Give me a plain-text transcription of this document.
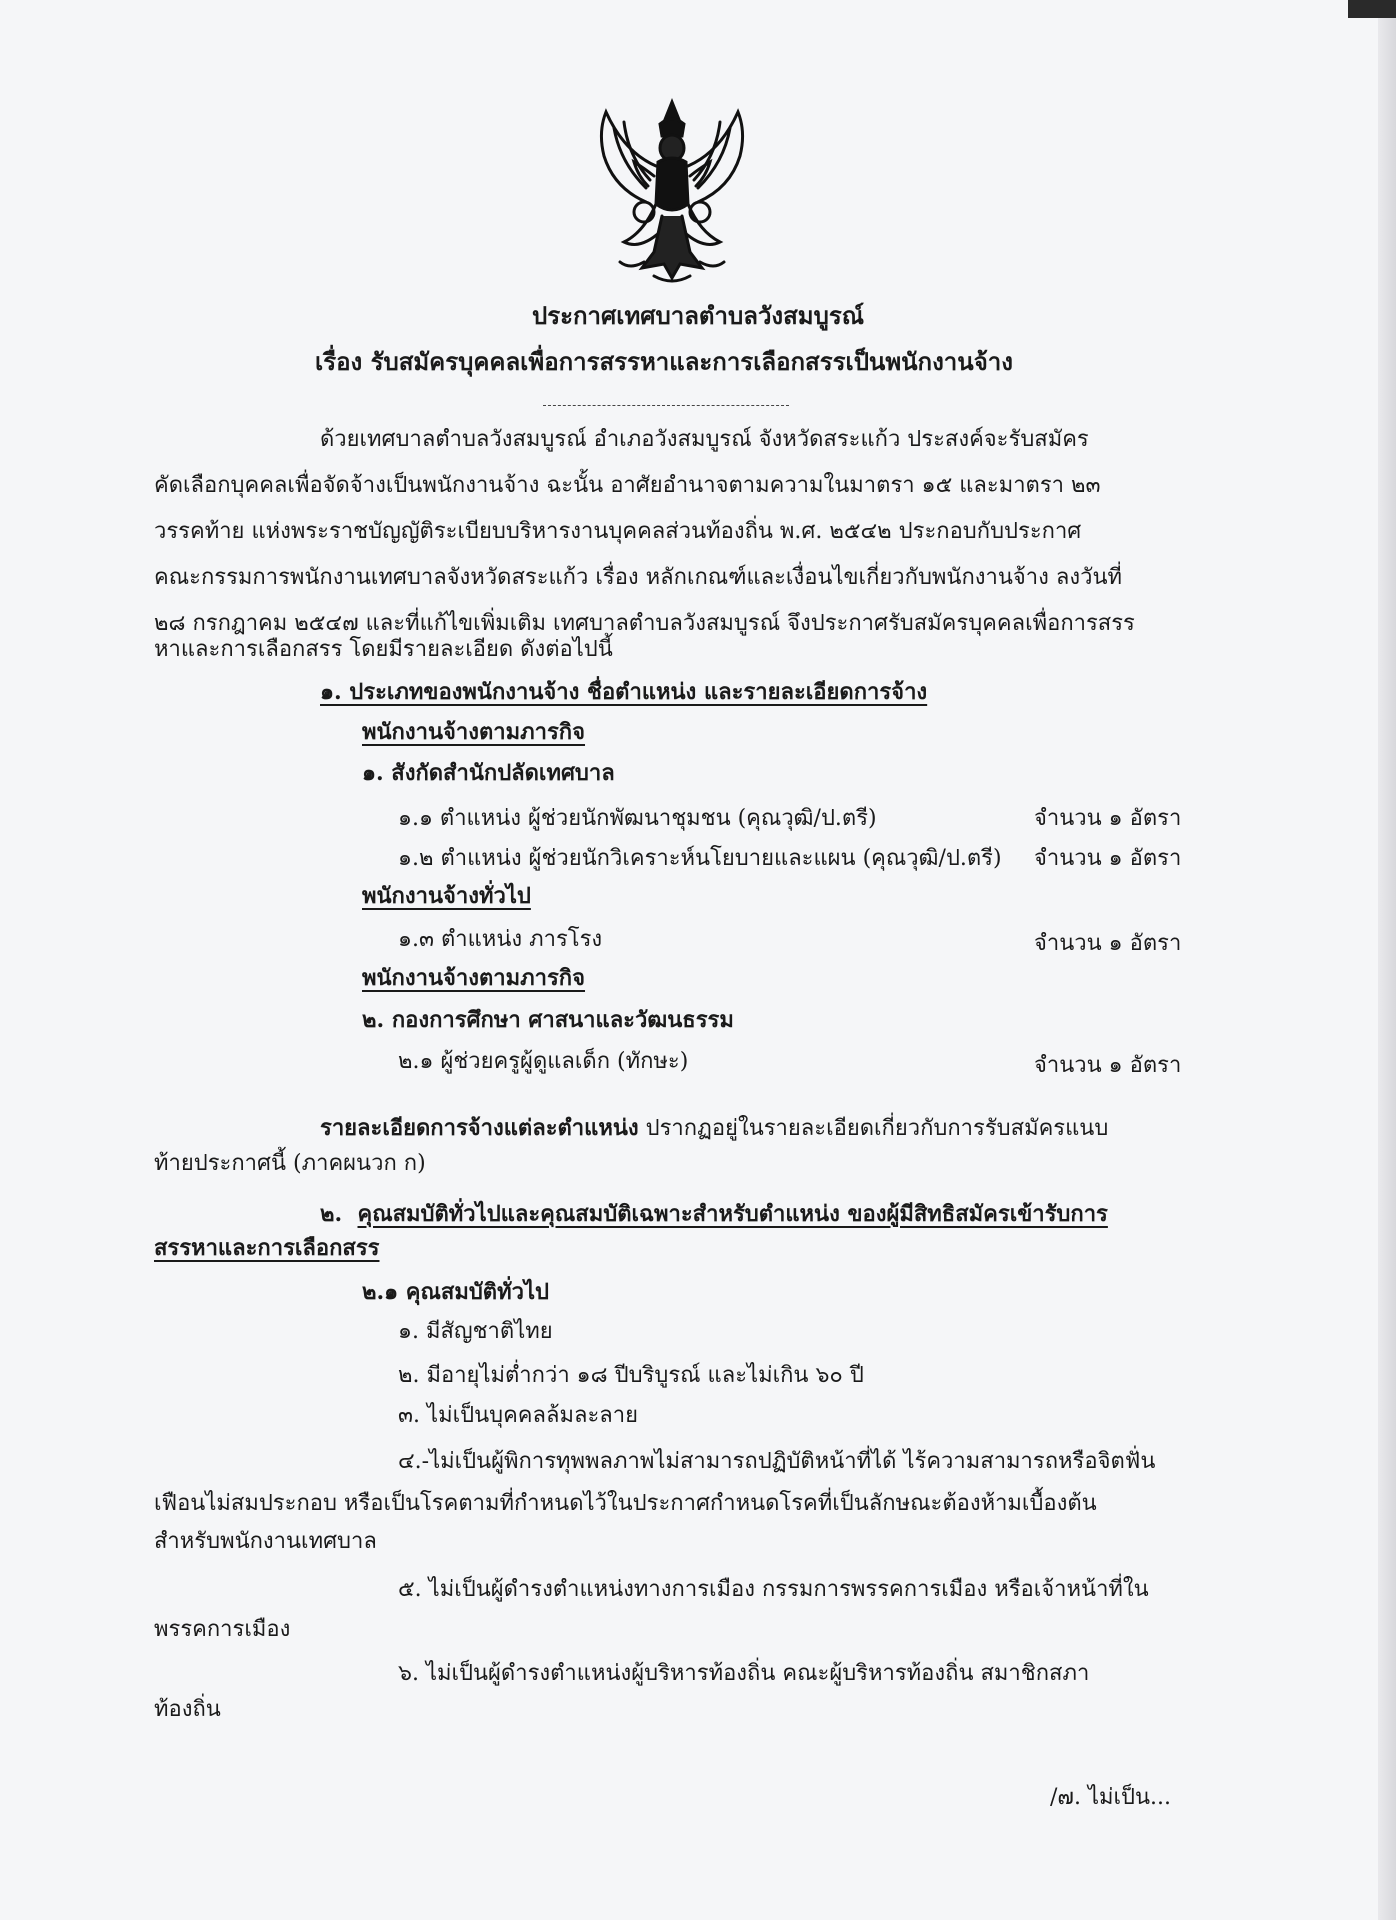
ประกาศเทศบาลตำบลวังสมบูรณ์
เรื่อง รับสมัครบุคคลเพื่อการสรรหาและการเลือกสรรเป็นพนักงานจ้าง
ด้วยเทศบาลตำบลวังสมบูรณ์ อำเภอวังสมบูรณ์ จังหวัดสระแก้ว ประสงค์จะรับสมัคร
คัดเลือกบุคคลเพื่อจัดจ้างเป็นพนักงานจ้าง ฉะนั้น อาศัยอำนาจตามความในมาตรา ๑๕ และมาตรา ๒๓
วรรคท้าย แห่งพระราชบัญญัติระเบียบบริหารงานบุคคลส่วนท้องถิ่น พ.ศ. ๒๕๔๒ ประกอบกับประกาศ
คณะกรรมการพนักงานเทศบาลจังหวัดสระแก้ว เรื่อง หลักเกณฑ์และเงื่อนไขเกี่ยวกับพนักงานจ้าง ลงวันที่
๒๘ กรกฎาคม ๒๕๔๗ และที่แก้ไขเพิ่มเติม เทศบาลตำบลวังสมบูรณ์ จึงประกาศรับสมัครบุคคลเพื่อการสรร
หาและการเลือกสรร โดยมีรายละเอียด ดังต่อไปนี้
๑. ประเภทของพนักงานจ้าง ชื่อตำแหน่ง และรายละเอียดการจ้าง
พนักงานจ้างตามภารกิจ
๑. สังกัดสำนักปลัดเทศบาล
๑.๑ ตำแหน่ง ผู้ช่วยนักพัฒนาชุมชน (คุณวุฒิ/ป.ตรี)	จำนวน ๑ อัตรา
๑.๒ ตำแหน่ง ผู้ช่วยนักวิเคราะห์นโยบายและแผน (คุณวุฒิ/ป.ตรี) จำนวน ๑ อัตรา
พนักงานจ้างทั่วไป
๑.๓ ตำแหน่ง ภารโรง	จำนวน ๑ อัตรา
พนักงานจ้างตามภารกิจ
๒. กองการศึกษา ศาสนาและวัฒนธรรม
๒.๑ ผู้ช่วยครูผู้ดูแลเด็ก (ทักษะ)	จำนวน ๑ อัตรา
รายละเอียดการจ้างแต่ละตำแหน่ง ปรากฏอยู่ในรายละเอียดเกี่ยวกับการรับสมัครแนบ
ท้ายประกาศนี้ (ภาคผนวก ก)
๒. คุณสมบัติทั่วไปและคุณสมบัติเฉพาะสำหรับตำแหน่ง ของผู้มีสิทธิสมัครเข้ารับการ
สรรหาและการเลือกสรร
๒.๑ คุณสมบัติทั่วไป
๑. มีสัญชาติไทย
๒. มีอายุไม่ต่ำกว่า ๑๘ ปีบริบูรณ์ และไม่เกิน ๖๐ ปี
๓. ไม่เป็นบุคคลล้มละลาย
๔.-ไม่เป็นผู้พิการทุพพลภาพไม่สามารถปฏิบัติหน้าที่ได้ ไร้ความสามารถหรือจิตฟั่น
เฟือนไม่สมประกอบ หรือเป็นโรคตามที่กำหนดไว้ในประกาศกำหนดโรคที่เป็นลักษณะต้องห้ามเบื้องต้น
สำหรับพนักงานเทศบาล
๕. ไม่เป็นผู้ดำรงตำแหน่งทางการเมือง กรรมการพรรคการเมือง หรือเจ้าหน้าที่ใน
พรรคการเมือง
๖. ไม่เป็นผู้ดำรงตำแหน่งผู้บริหารท้องถิ่น คณะผู้บริหารท้องถิ่น สมาชิกสภา
ท้องถิ่น
/๗. ไม่เป็น...
